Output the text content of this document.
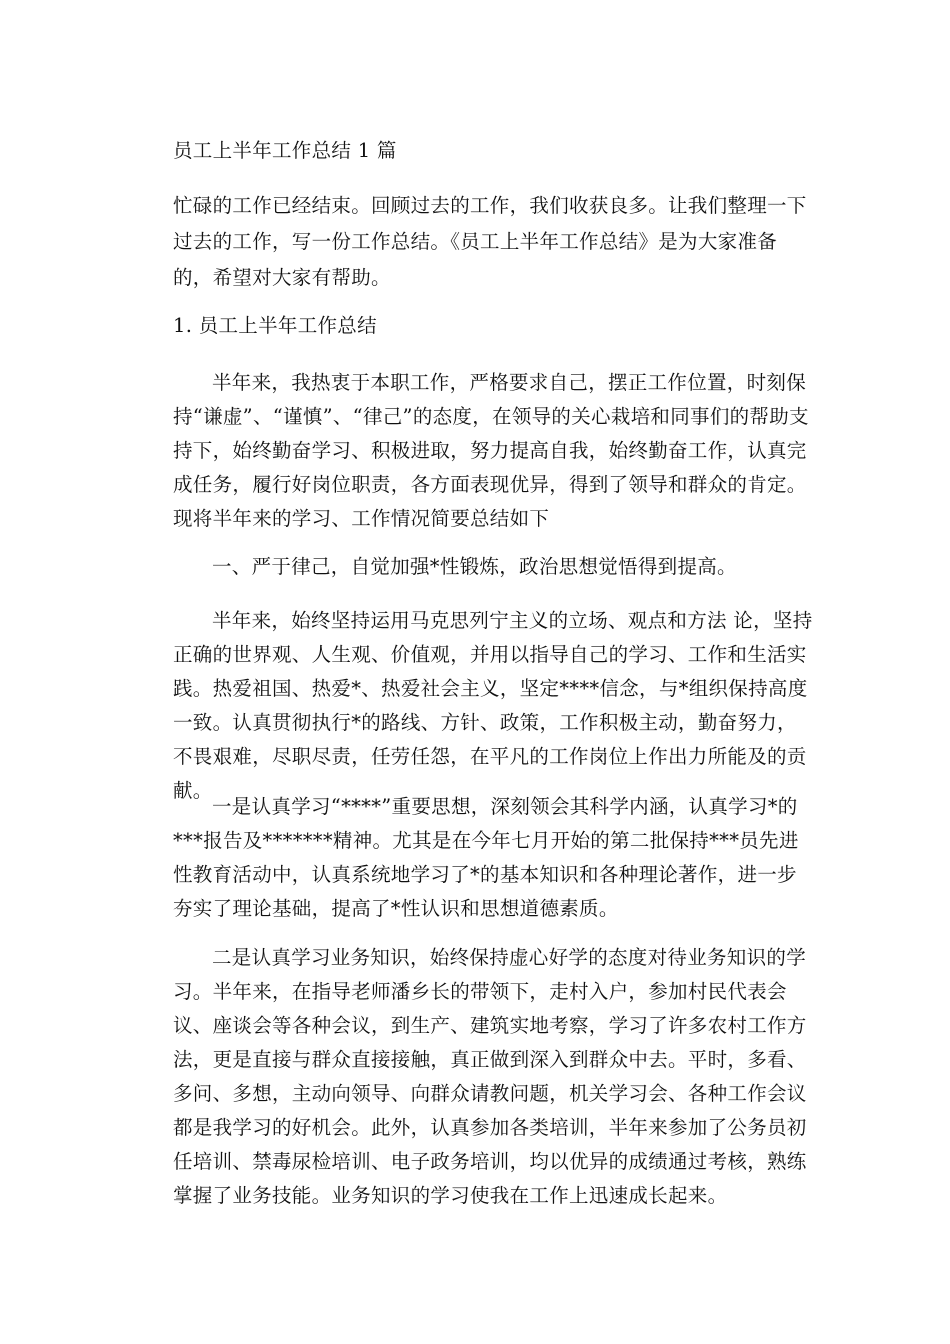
员工上半年工作总结 1 篇
忙碌的工作已经结束。回顾过去的工作，我们收获良多。让我们整理一下过去的工作，写一份工作总结。《员工上半年工作总结》是为大家准备的，希望对大家有帮助。
1. 员工上半年工作总结
半年来，我热衷于本职工作，严格要求自己，摆正工作位置，时刻保持“谦虚”、“谨慎”、“律己”的态度，在领导的关心栽培和同事们的帮助支持下，始终勤奋学习、积极进取，努力提高自我，始终勤奋工作，认真完成任务，履行好岗位职责，各方面表现优异，得到了领导和群众的肯定。现将半年来的学习、工作情况简要总结如下
一、严于律己，自觉加强*性锻炼，政治思想觉悟得到提高。
半年来，始终坚持运用马克思列宁主义的立场、观点和方法 论，坚持正确的世界观、人生观、价值观，并用以指导自己的学习、工作和生活实践。热爱祖国、热爱*、热爱社会主义，坚定****信念，与*组织保持高度一致。认真贯彻执行*的路线、方针、政策，工作积极主动，勤奋努力，不畏艰难，尽职尽责，任劳任怨，在平凡的工作岗位上作出力所能及的贡献。
一是认真学习“****”重要思想，深刻领会其科学内涵，认真学习*的***报告及*******精神。尤其是在今年七月开始的第二批保持***员先进性教育活动中，认真系统地学习了*的基本知识和各种理论著作，进一步夯实了理论基础，提高了*性认识和思想道德素质。
二是认真学习业务知识，始终保持虚心好学的态度对待业务知识的学习。半年来，在指导老师潘乡长的带领下，走村入户，参加村民代表会议、座谈会等各种会议，到生产、建筑实地考察，学习了许多农村工作方法，更是直接与群众直接接触，真正做到深入到群众中去。平时，多看、多问、多想，主动向领导、向群众请教问题，机关学习会、各种工作会议都是我学习的好机会。此外，认真参加各类培训，半年来参加了公务员初任培训、禁毒尿检培训、电子政务培训，均以优异的成绩通过考核，熟练掌握了业务技能。业务知识的学习使我在工作上迅速成长起来。
